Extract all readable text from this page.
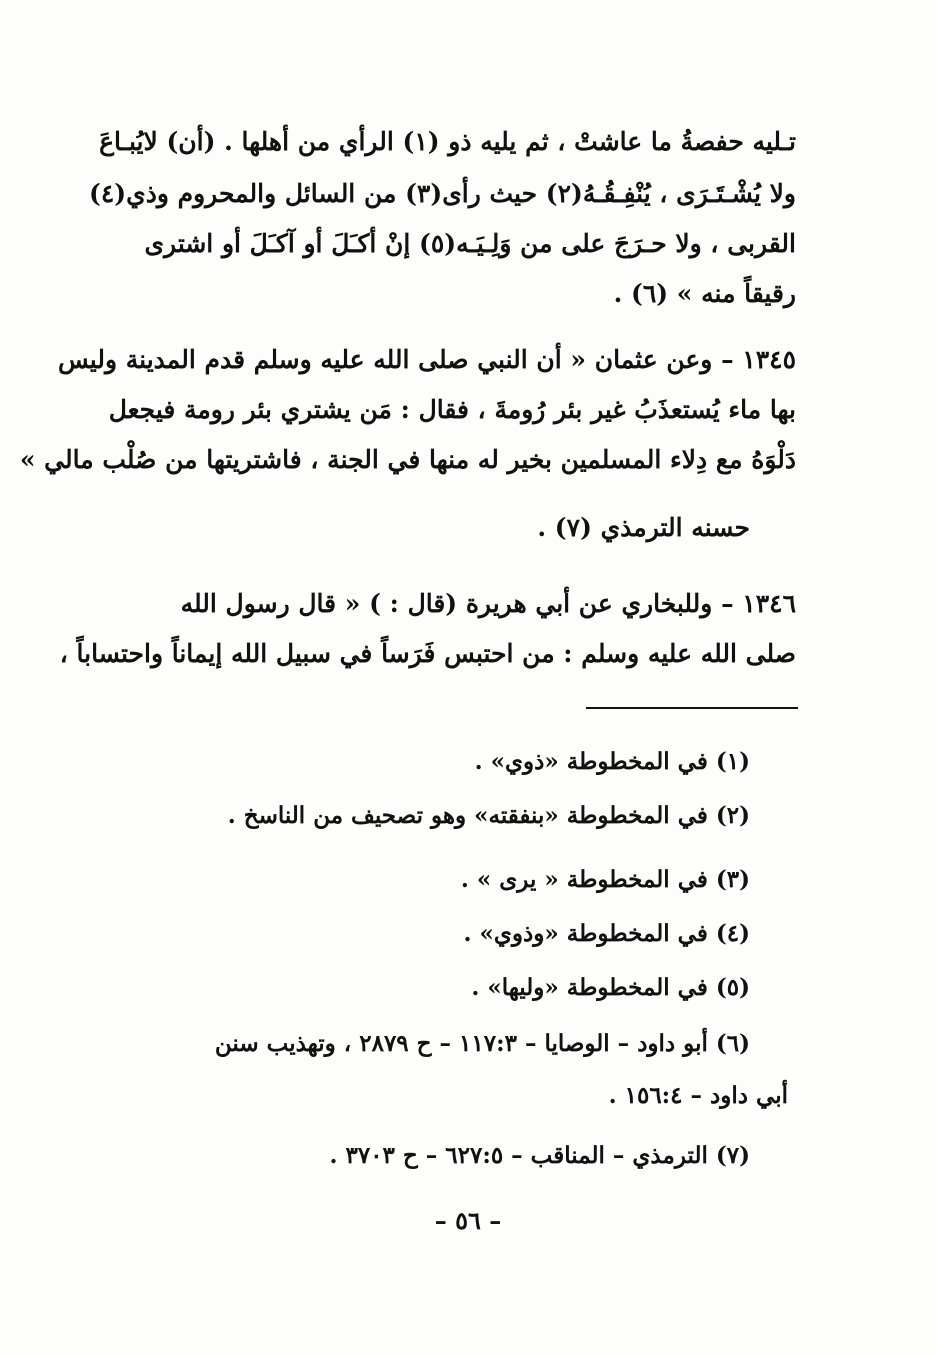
تـليه حفصةُ ما عاشتْ ، ثم يليه ذو (١) الرأي من أهلها . (أن) لايُبـاعَ
ولا يُشْـتَـرَى ، يُنْفِـقُـهُ(٢) حيث رأى(٣) من السائل والمحروم وذي(٤)
القربى ، ولا حـرَجَ على من وَلِـيَـه(٥) إنْ أكـَلَ أو آكـَلَ أو اشترى
رقيقاً منه » (٦) .
١٣٤٥ – وعن عثمان « أن النبي صلى الله عليه وسلم قدم المدينة وليس
بها ماء يُستعذَبُ غير بئر رُومةَ ، فقال : مَن يشتري بئر رومة فيجعل
دَلْوَهُ مع دِلاء المسلمين بخير له منها في الجنة ، فاشتريتها من صُلْب مالي »
حسنه الترمذي (٧) .
١٣٤٦ – وللبخاري عن أبي هريرة (قال : ) « قال رسول الله
صلى الله عليه وسلم : من احتبس فَرَساً في سبيل الله إيماناً واحتساباً ،
(١) في المخطوطة «ذوي» .
(٢) في المخطوطة «بنفقته» وهو تصحيف من الناسخ .
(٣) في المخطوطة « يرى » .
(٤) في المخطوطة «وذوي» .
(٥) في المخطوطة «وليها» .
(٦) أبو داود – الوصايا – ١١٧:٣ – ح ٢٨٧٩ ، وتهذيب سنن
أبي داود – ١٥٦:٤ .
(٧) الترمذي – المناقب – ٦٢٧:٥ – ح ٣٧٠٣ .
– ٥٦ –
